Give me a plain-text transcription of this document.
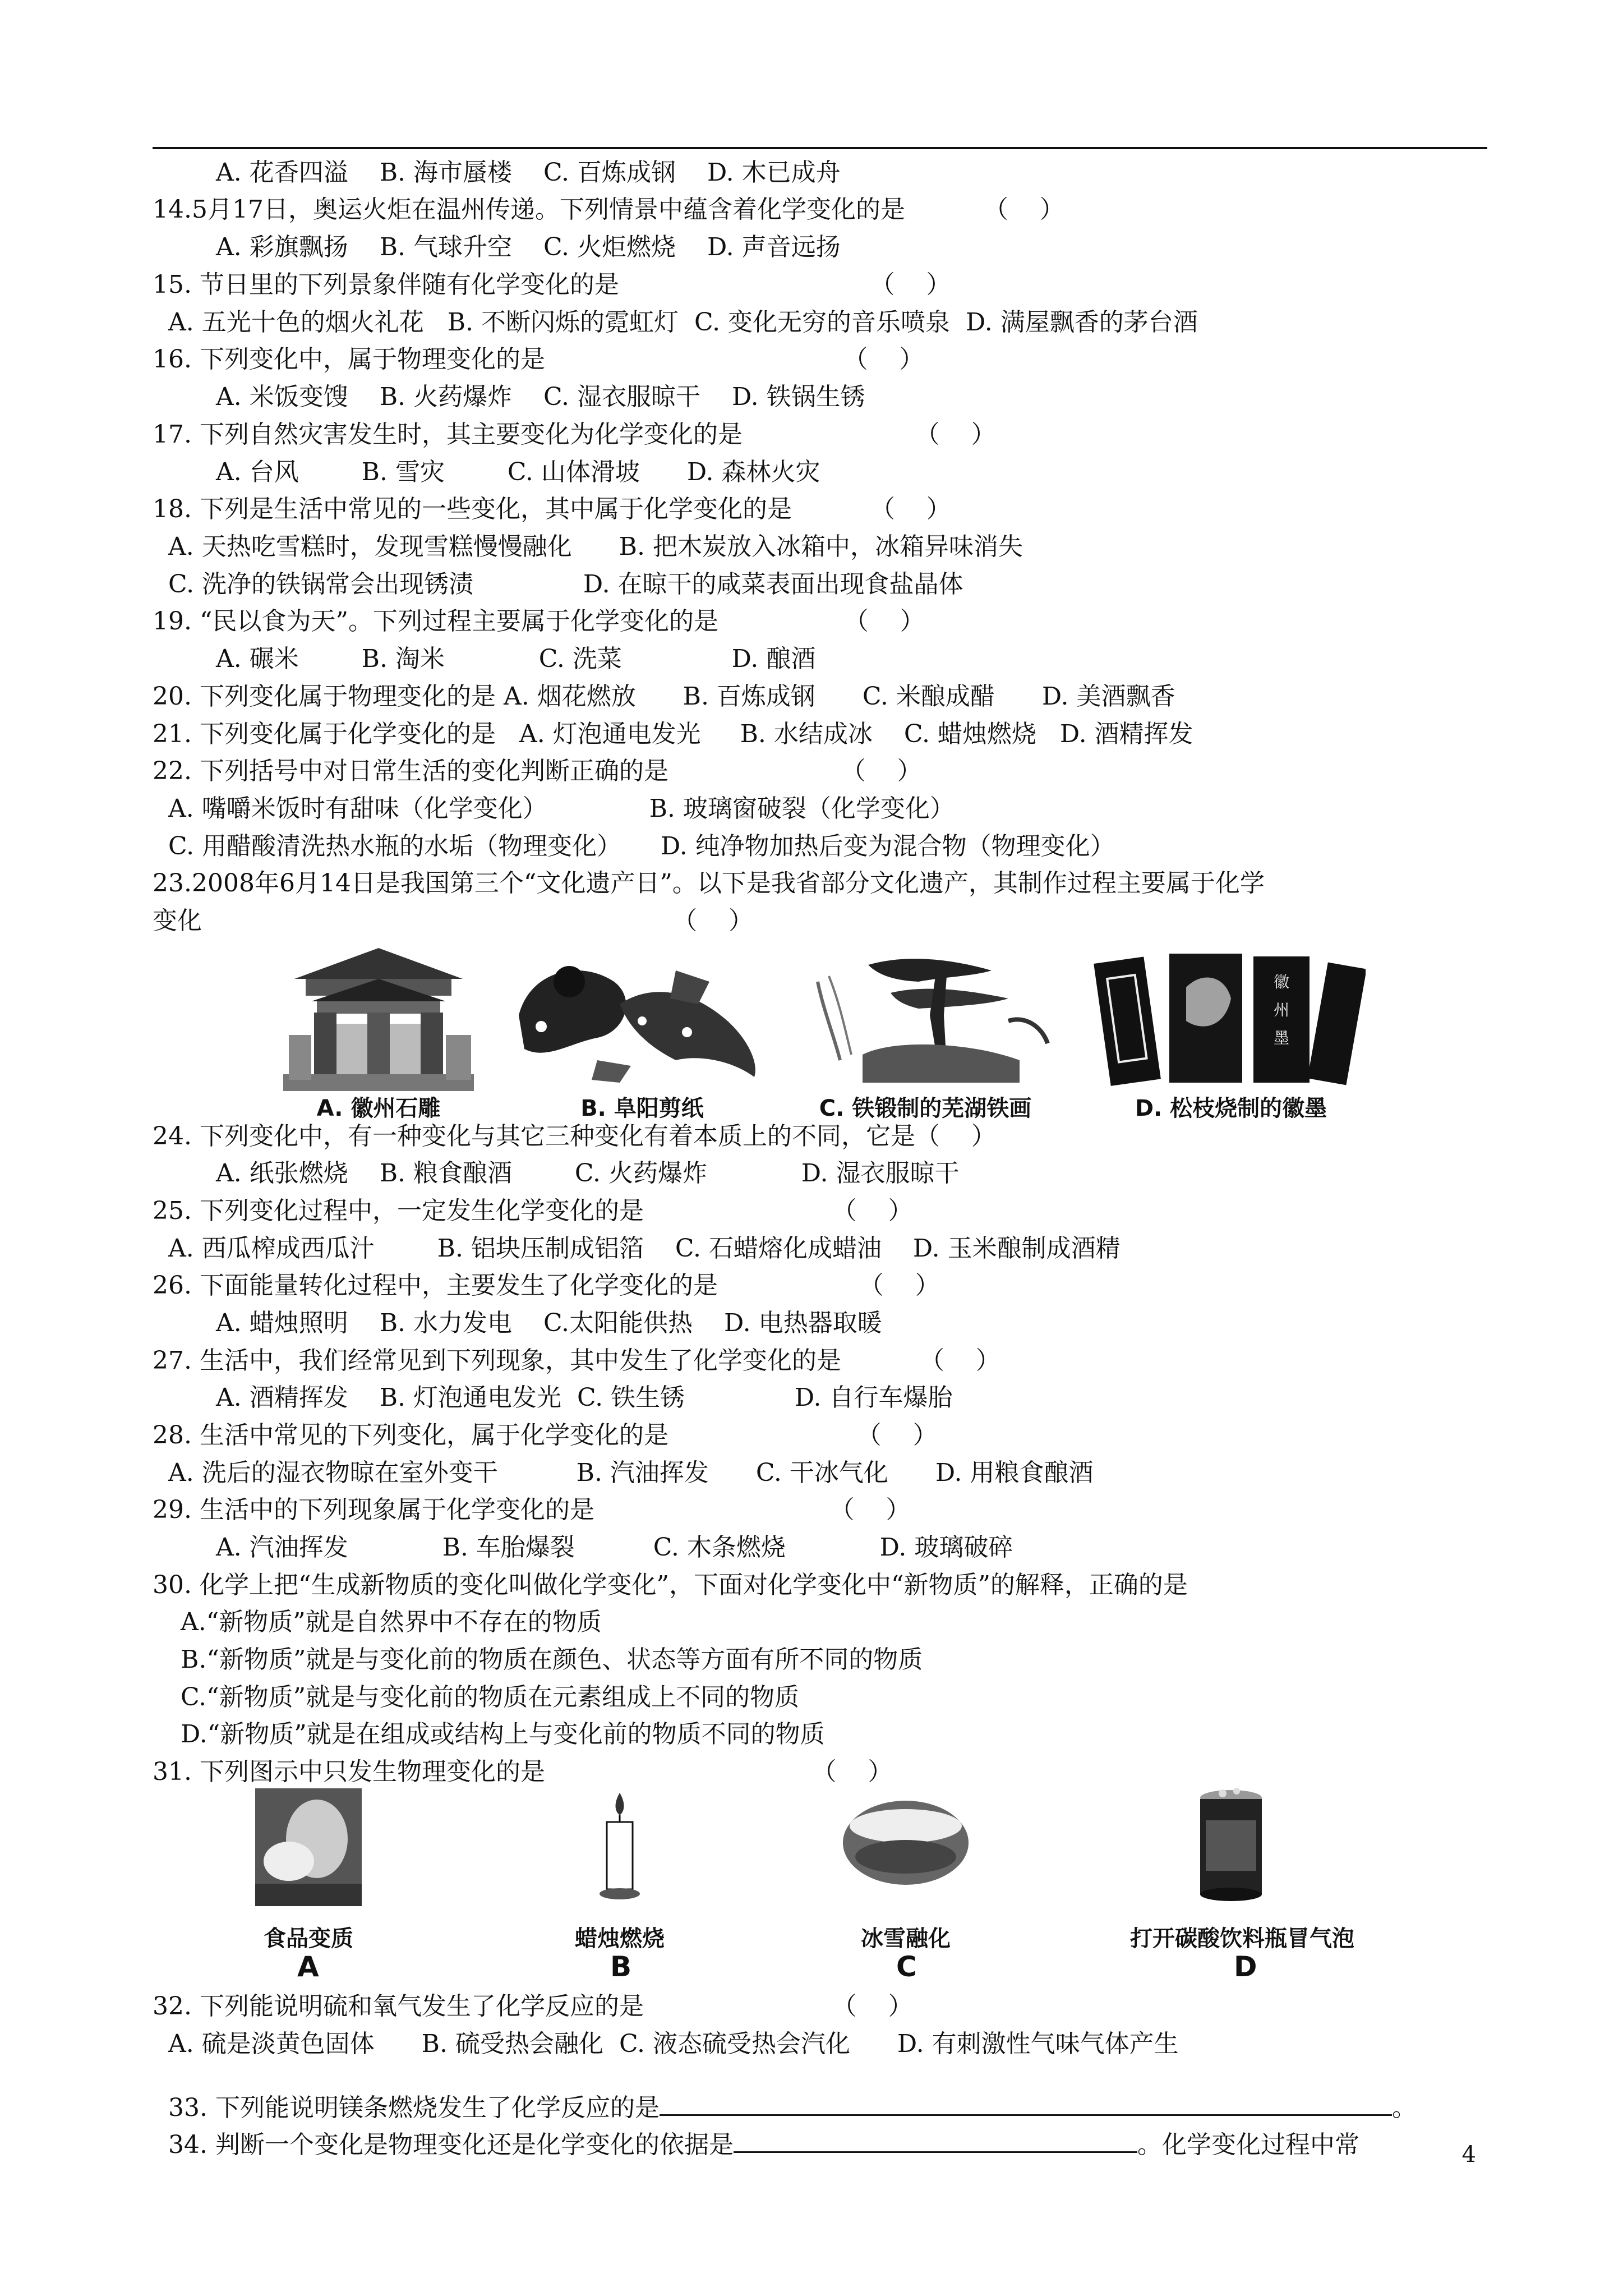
A. 花香四溢    B. 海市蜃楼    C. 百炼成钢    D. 木已成舟
14.5月17日，奥运火炬在温州传递。下列情景中蕴含着化学变化的是          （    ）
A. 彩旗飘扬    B. 气球升空    C. 火炬燃烧    D. 声音远扬
15. 节日里的下列景象伴随有化学变化的是                                （    ）
A. 五光十色的烟火礼花   B. 不断闪烁的霓虹灯  C. 变化无穷的音乐喷泉  D. 满屋飘香的茅台酒
16. 下列变化中，属于物理变化的是                                      （    ）
A. 米饭变馊    B. 火药爆炸    C. 湿衣服晾干    D. 铁锅生锈
17. 下列自然灾害发生时，其主要变化为化学变化的是                      （    ）
A. 台风        B. 雪灾        C. 山体滑坡      D. 森林火灾
18. 下列是生活中常见的一些变化，其中属于化学变化的是          （    ）
A. 天热吃雪糕时，发现雪糕慢慢融化      B. 把木炭放入冰箱中，冰箱异味消失
C. 洗净的铁锅常会出现锈渍              D. 在晾干的咸菜表面出现食盐晶体
19. “民以食为天”。下列过程主要属于化学变化的是                （    ）
A. 碾米        B. 淘米            C. 洗菜              D. 酿酒
20. 下列变化属于物理变化的是 A. 烟花燃放      B. 百炼成钢      C. 米酿成醋      D. 美酒飘香
21. 下列变化属于化学变化的是   A. 灯泡通电发光     B. 水结成冰    C. 蜡烛燃烧   D. 酒精挥发
22. 下列括号中对日常生活的变化判断正确的是                      （    ）
A. 嘴嚼米饭时有甜味（化学变化）             B. 玻璃窗破裂（化学变化）
C. 用醋酸清洗热水瓶的水垢（物理变化）     D. 纯净物加热后变为混合物（物理变化）
23.2008年6月14日是我国第三个“文化遗产日”。以下是我省部分文化遗产，其制作过程主要属于化学
变化                                                            （    ）
徽
州
墨
A. 徽州石雕	B. 阜阳剪纸	C. 铁锻制的芜湖铁画	D. 松枝烧制的徽墨
24. 下列变化中，有一种变化与其它三种变化有着本质上的不同，它是（    ）
A. 纸张燃烧    B. 粮食酿酒        C. 火药爆炸            D. 湿衣服晾干
25. 下列变化过程中，一定发生化学变化的是                        （    ）
A. 西瓜榨成西瓜汁        B. 铝块压制成铝箔    C. 石蜡熔化成蜡油    D. 玉米酿制成酒精
26. 下面能量转化过程中，主要发生了化学变化的是                  （    ）
A. 蜡烛照明    B. 水力发电    C.太阳能供热    D. 电热器取暖
27. 生活中，我们经常见到下列现象，其中发生了化学变化的是          （    ）
A. 酒精挥发    B. 灯泡通电发光  C. 铁生锈              D. 自行车爆胎
28. 生活中常见的下列变化，属于化学变化的是                        （    ）
A. 洗后的湿衣物晾在室外变干          B. 汽油挥发      C. 干冰气化      D. 用粮食酿酒
29. 生活中的下列现象属于化学变化的是                              （    ）
A. 汽油挥发            B. 车胎爆裂          C. 木条燃烧            D. 玻璃破碎
30. 化学上把“生成新物质的变化叫做化学变化”，下面对化学变化中“新物质”的解释，正确的是
A.“新物质”就是自然界中不存在的物质
B.“新物质”就是与变化前的物质在颜色、状态等方面有所不同的物质
C.“新物质”就是与变化前的物质在元素组成上不同的物质
D.“新物质”就是在组成或结构上与变化前的物质不同的物质
31. 下列图示中只发生物理变化的是                                  （    ）
食品变质	蜡烛燃烧	冰雪融化	打开碳酸饮料瓶冒气泡
A	B	C	D
32. 下列能说明硫和氧气发生了化学反应的是                        （    ）
A. 硫是淡黄色固体      B. 硫受热会融化  C. 液态硫受热会汽化      D. 有刺激性气味气体产生

33. 下列能说明镁条燃烧发生了化学反应的是	。

34. 判断一个变化是物理变化还是化学变化的依据是	。化学变化过程中常	4
